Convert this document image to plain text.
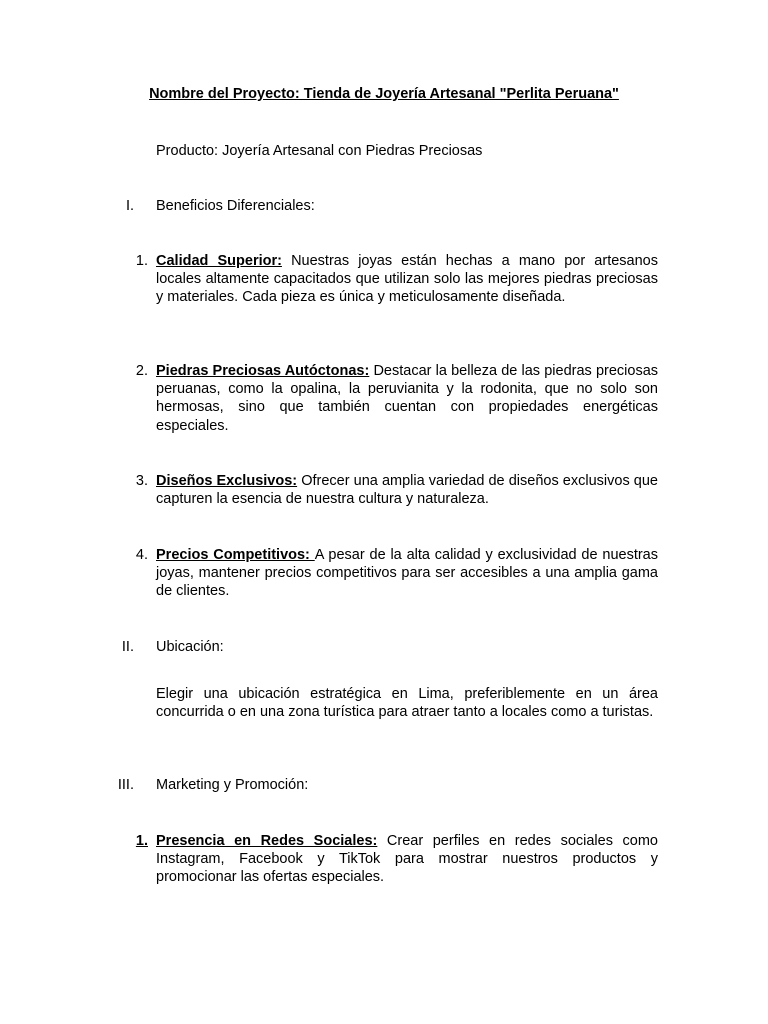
Nombre del Proyecto: Tienda de Joyería Artesanal "Perlita Peruana"
Producto: Joyería Artesanal con Piedras Preciosas
I. Beneficios Diferenciales:
1. Calidad Superior: Nuestras joyas están hechas a mano por artesanos locales altamente capacitados que utilizan solo las mejores piedras preciosas y materiales. Cada pieza es única y meticulosamente diseñada.
2. Piedras Preciosas Autóctonas: Destacar la belleza de las piedras preciosas peruanas, como la opalina, la peruvianita y la rodonita, que no solo son hermosas, sino que también cuentan con propiedades energéticas especiales.
3. Diseños Exclusivos: Ofrecer una amplia variedad de diseños exclusivos que capturen la esencia de nuestra cultura y naturaleza.
4. Precios Competitivos: A pesar de la alta calidad y exclusividad de nuestras joyas, mantener precios competitivos para ser accesibles a una amplia gama de clientes.
II. Ubicación:
Elegir una ubicación estratégica en Lima, preferiblemente en un área concurrida o en una zona turística para atraer tanto a locales como a turistas.
III. Marketing y Promoción:
1. Presencia en Redes Sociales: Crear perfiles en redes sociales como Instagram, Facebook y TikTok para mostrar nuestros productos y promocionar las ofertas especiales.
